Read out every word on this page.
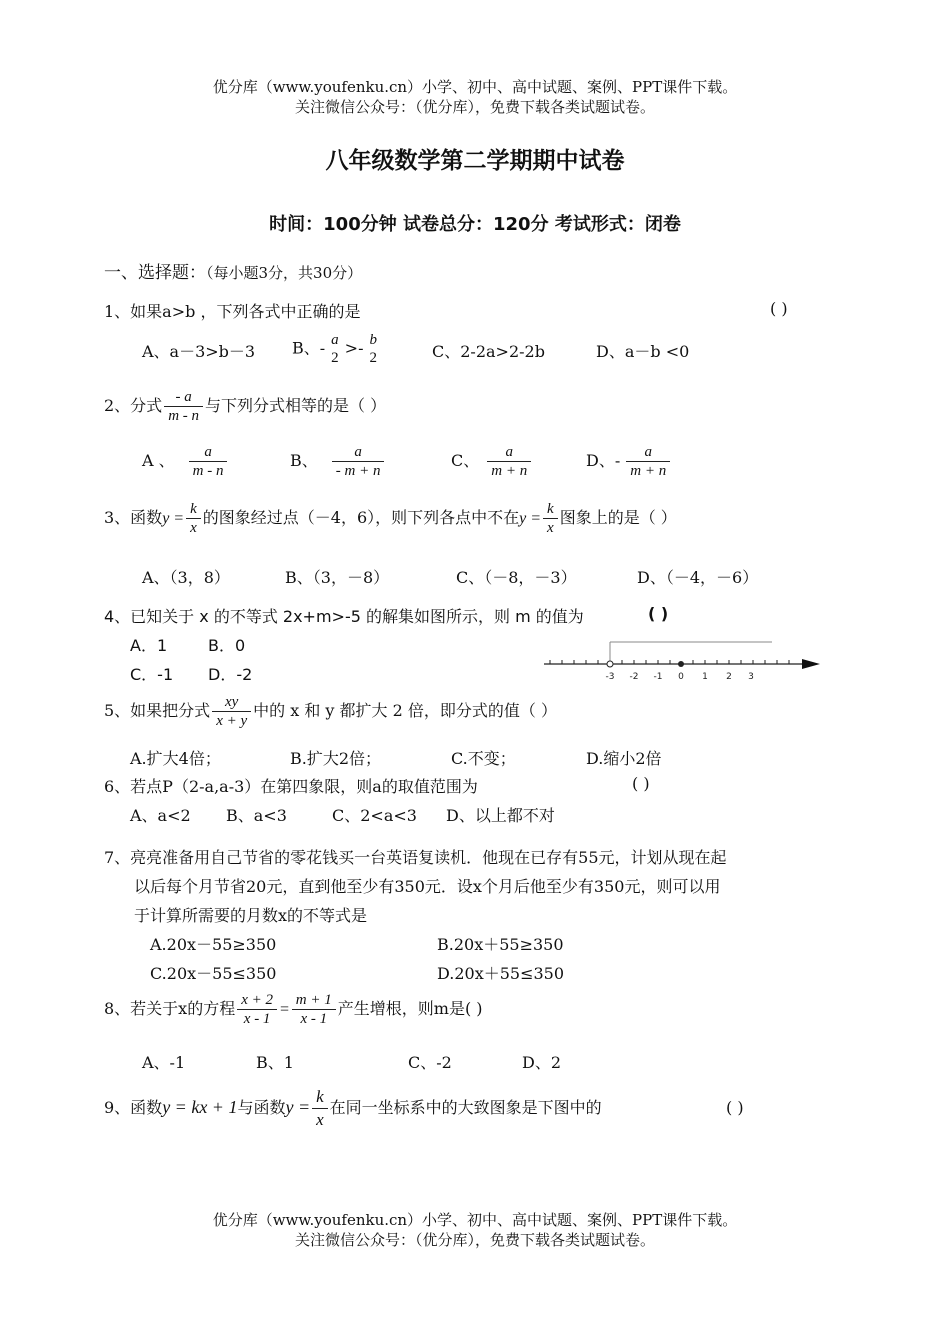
优分库（www.youfenku.cn）小学、初中、高中试题、案例、PPT课件下载。
关注微信公众号：（优分库），免费下载各类试题试卷。
八年级数学第二学期期中试卷
时间：100分钟 试卷总分：120分 考试形式：闭卷
一、选择题：（每小题3分，共30分）
1、如果a>b ，下列各式中正确的是	( )
A、a－3>b－3 B、- a
2
>- b
2	C、2-2a>2-2b	D、a－b <0
2、分式 $\frac{- a}{m - n}$ 与下列分式相等的是（ ）
A 、 $\frac{a}{m - n}$	B、 $\frac{a}{- m + n}$	C、 $\frac{a}{m + n}$	D、- $\frac{a}{m + n}$
3、函数$y = \frac{k}{x}$ 的图象经过点（－4，6），则下列各点中不在$y = \frac{k}{x}$ 图象上的是（ ）
A、（3，8）	B、（3，－8）	C、（－8，－3）	D、（－4，－6）
4、已知关于 x 的不等式 2x+m>-5 的解集如图所示，则 m 的值为	( )
A．1	B．0
C．-1 D．-2	-3 -2 -1 0 1 2 3
5、如果把分式 $\frac{xy}{x + y}$ 中的 x 和 y 都扩大 2 倍，即分式的值（ ）
A.扩大4倍；	B.扩大2倍；	C.不变；	D.缩小2倍
6、若点P（2-a,a-3）在第四象限，则a的取值范围为	( )
A、a<2 B、a<3	C、2<a<3 D、以上都不对
7、亮亮准备用自己节省的零花钱买一台英语复读机．他现在已存有55元，计划从现在起
以后每个月节省20元，直到他至少有350元．设x个月后他至少有350元，则可以用
于计算所需要的月数x的不等式是
A.20x－55≥350	B.20x＋55≥350
C.20x－55≤350	D.20x＋55≤350
8、若关于x的方程 $\frac{x + 2}{x - 1} = \frac{m + 1}{x - 1}$ 产生增根，则m是( )
A、-1	B、1	C、-2	D、2
9、函数y = kx + 1与函数$y = \frac{k}{x}$ 在同一坐标系中的大致图象是下图中的	( )
优分库（www.youfenku.cn）小学、初中、高中试题、案例、PPT课件下载。
关注微信公众号：（优分库），免费下载各类试题试卷。
